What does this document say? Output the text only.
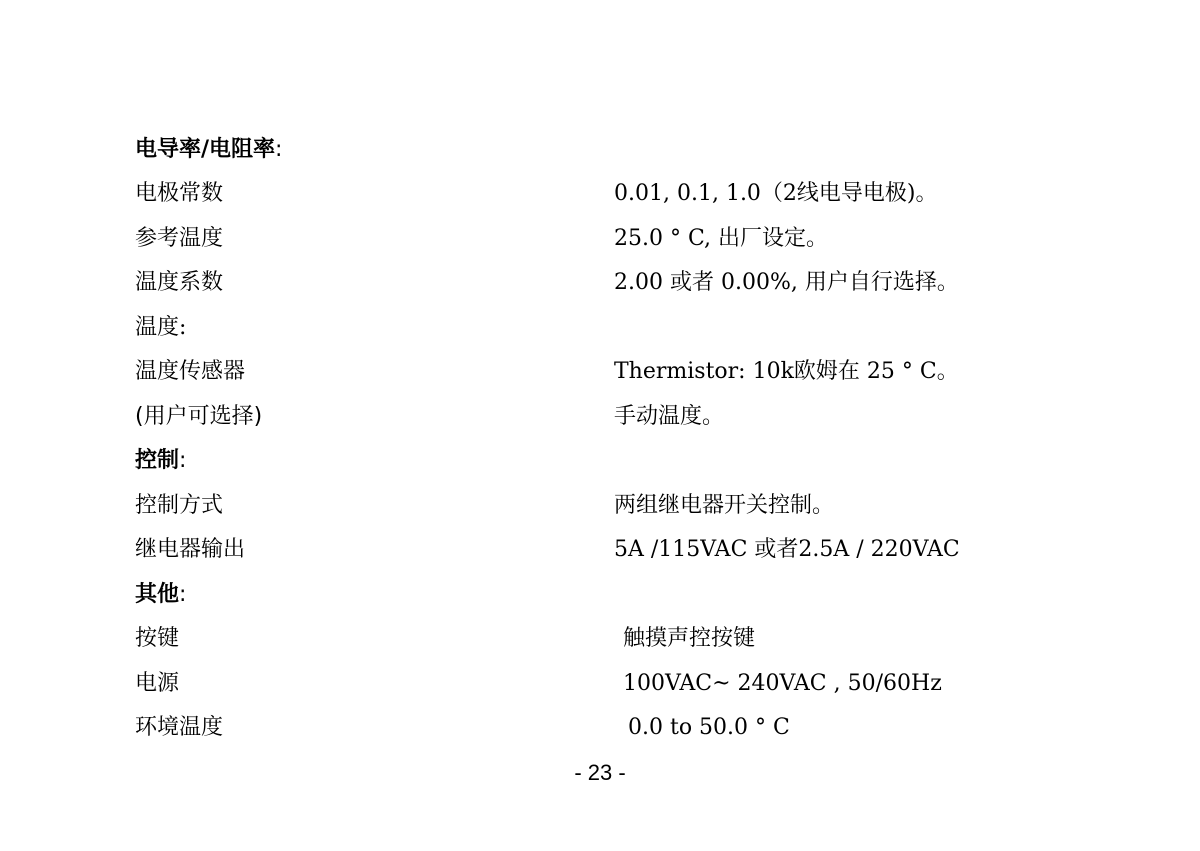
电导率/电阻率:
电极常数	0.01, 0.1, 1.0（2线电导电极)。
参考温度	25.0 ° C, 出厂设定。
温度系数	2.00 或者 0.00%, 用户自行选择。
温度:
温度传感器	Thermistor: 10k欧姆在 25 ° C。
(用户可选择)	手动温度。
控制:
控制方式	两组继电器开关控制。
继电器输出	5A /115VAC 或者2.5A / 220VAC
其他:
按键	触摸声控按键
电源	100VAC~ 240VAC , 50/60Hz
环境温度	0.0 to 50.0 ° C
- 23 -
